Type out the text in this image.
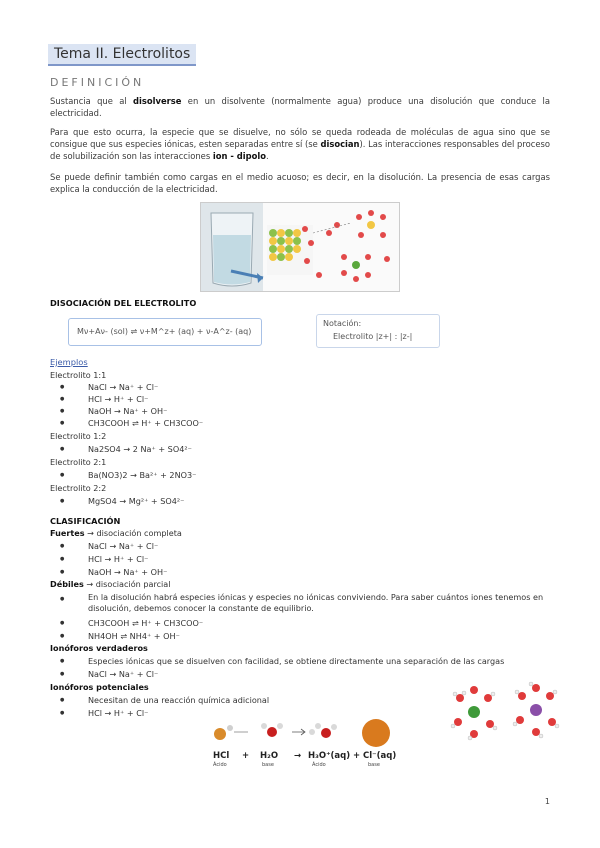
Tema II. Electrolitos
DEFINICIÓN
Sustancia que al disolverse en un disolvente (normalmente agua) produce una disolución que conduce la electricidad.
Para que esto ocurra, la especie que se disuelve, no sólo se queda rodeada de moléculas de agua sino que se consigue que sus especies iónicas, esten separadas entre sí (se disocian). Las interacciones responsables del proceso de solubilización son las interacciones ion - dipolo.
Se puede definir también como cargas en el medio acuoso; es decir, en la disolución. La presencia de esas cargas explica la conducción de la electricidad.
DISOCIACIÓN DEL ELECTROLITO
Mν+Aν- (sol) ⇌ ν+M^z+ (aq) + ν-A^z- (aq)
Notación:
Electrolito |z+| : |z-|
Ejemplos
Electrolito 1:1
● NaCl → Na⁺ + Cl⁻
● HCl → H⁺ + Cl⁻
● NaOH → Na⁺ + OH⁻
● CH3COOH ⇌ H⁺ + CH3COO⁻
Electrolito 1:2
● Na2SO4 → 2 Na⁺ + SO4²⁻
Electrolito 2:1
● Ba(NO3)2 → Ba²⁺ + 2NO3⁻
Electrolito 2:2
● MgSO4 → Mg²⁺ + SO4²⁻
CLASIFICACIÓN
Fuertes → disociación completa
● NaCl → Na⁺ + Cl⁻
● HCl → H⁺ + Cl⁻
● NaOH → Na⁺ + OH⁻
Débiles → disociación parcial
● En la disolución habrá especies iónicas y especies no iónicas conviviendo. Para saber cuántos iones tenemos en disolución, debemos conocer la constante de equilibrio.
● CH3COOH ⇌ H⁺ + CH3COO⁻
● NH4OH ⇌ NH4⁺ + OH⁻
Ionóforos verdaderos
● Especies iónicas que se disuelven con facilidad, se obtiene directamente una separación de las cargas
● NaCl → Na⁺ + Cl⁻
Ionóforos potenciales
● Necesitan de una reacción química adicional
● HCl → H⁺ + Cl⁻
HCl
Ácido
+ H₂O
base
→ H₃O⁺(aq)
Ácido
+ Cl⁻(aq)
base
1
